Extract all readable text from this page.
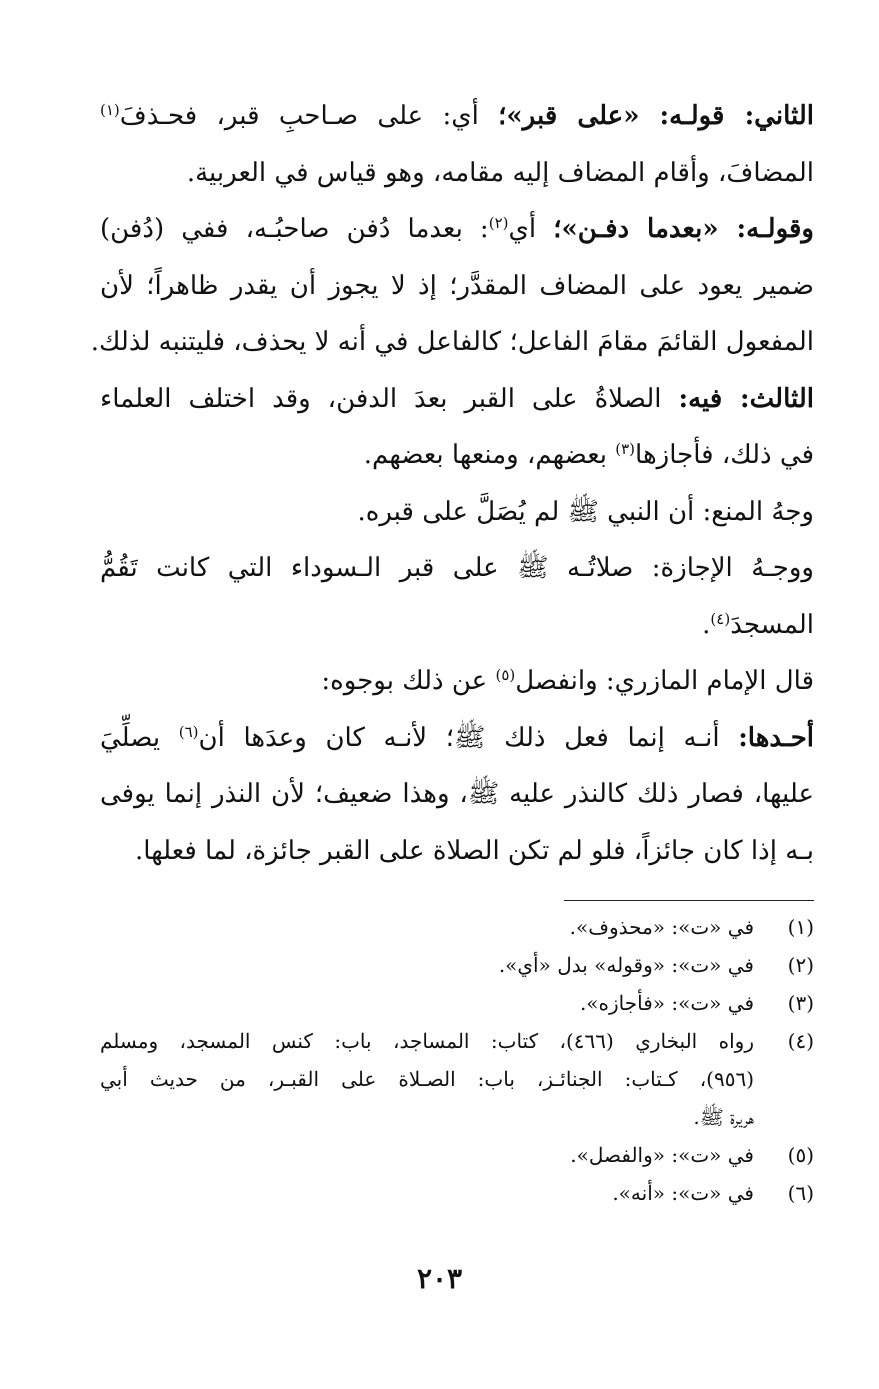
الثاني: قولـه: «على قبر»؛ أي: على صـاحبِ قبر، فحـذفَ$^{(١)}$
المضافَ، وأقام المضاف إليه مقامه، وهو قياس في العربية.
وقولـه: «بعدما دفـن»؛ أي$^{(٢)}$: بعدما دُفن صاحبُـه، ففي (دُفن)
ضمير يعود على المضاف المقدَّر؛ إذ لا يجوز أن يقدر ظاهراً؛ لأن
المفعول القائمَ مقامَ الفاعل؛ كالفاعل في أنه لا يحذف، فليتنبه لذلك.
الثالث: فيه: الصلاةُ على القبر بعدَ الدفن، وقد اختلف العلماء
في ذلك، فأجازها$^{(٣)}$ بعضهم، ومنعها بعضهم.
وجهُ المنع: أن النبي ﷺ لم يُصَلَّ على قبره.
ووجـهُ الإجازة: صلاتُـه ﷺ على قبر الـسوداء التي كانت تَقُمُّ
المسجدَ$^{(٤)}$.
قال الإمام المازري: وانفصل$^{(٥)}$ عن ذلك بوجوه:
أحـدها: أنـه إنما فعل ذلك ﷺ؛ لأنـه كان وعدَها أن$^{(٦)}$ يصلِّيَ
عليها، فصار ذلك كالنذر عليه ﷺ، وهذا ضعيف؛ لأن النذر إنما يوفى
بـه إذا كان جائزاً، فلو لم تكن الصلاة على القبر جائزة، لما فعلها.
(١)
في «ت»: «محذوف».
(٢)
في «ت»: «وقوله» بدل «أي».
(٣)
في «ت»: «فأجازه».
(٤)
رواه البخاري (٤٦٦)، كتاب: المساجد، باب: كنس المسجد، ومسلم
(٩٥٦)، كـتاب: الجنائـز، باب: الصـلاة على القبـر، من حديث أبي
هريرة ﷺ.
(٥)
في «ت»: «والفصل».
(٦)
في «ت»: «أنه».
٢٠٣
